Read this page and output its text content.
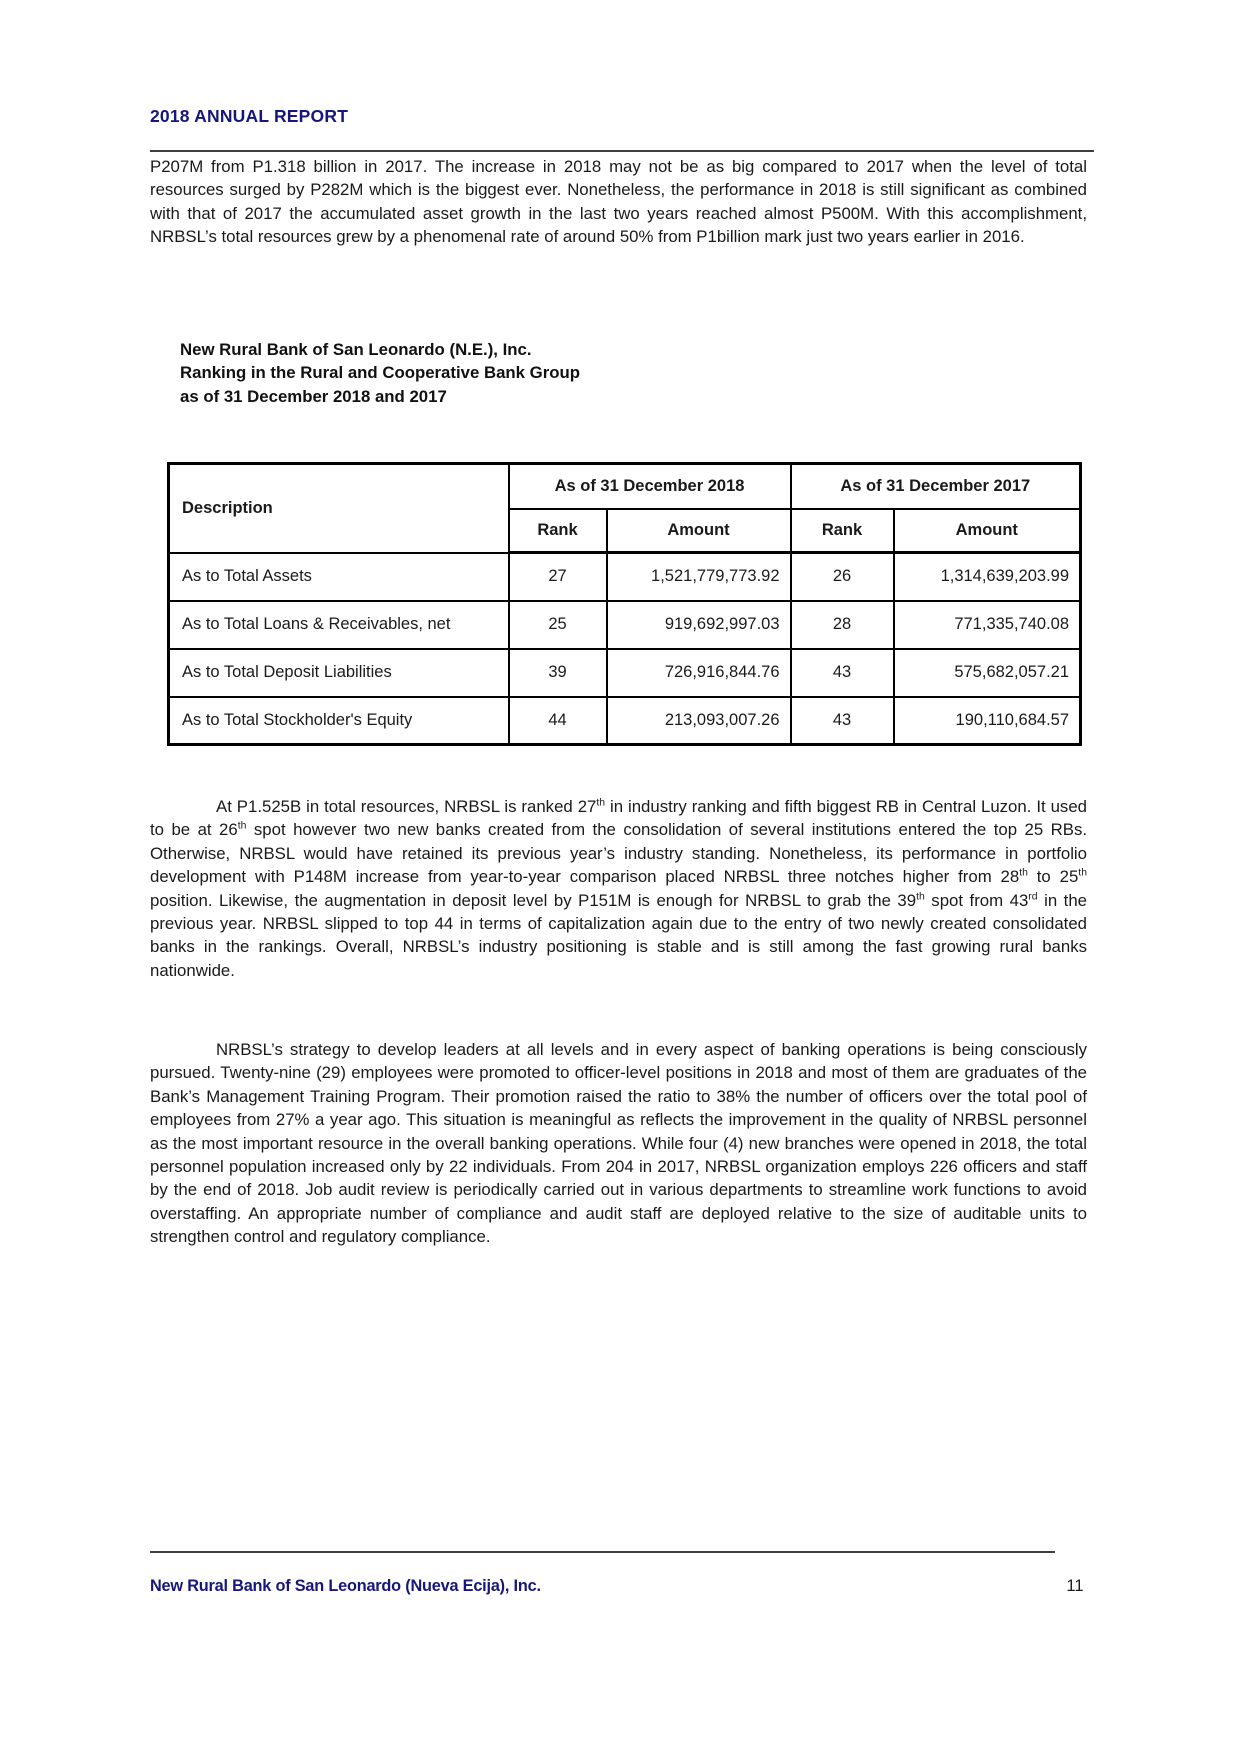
2018 ANNUAL REPORT

P207M from P1.318 billion in 2017. The increase in 2018 may not be as big compared to 2017 when the level of total resources surged by P282M which is the biggest ever. Nonetheless, the performance in 2018 is still significant as combined with that of 2017 the accumulated asset growth in the last two years reached almost P500M. With this accomplishment, NRBSL’s total resources grew by a phenomenal rate of around 50% from P1billion mark just two years earlier in 2016.

New Rural Bank of San Leonardo (N.E.), Inc.
Ranking in the Rural and Cooperative Bank Group
as of 31 December 2018 and 2017
Description	As of 31 December 2018		As of 31 December 2017	
	Rank	Amount	Rank	Amount
As to Total Assets	27	1,521,779,773.92	26	1,314,639,203.99
As to Total Loans & Receivables, net	25	919,692,997.03	28	771,335,740.08
As to Total Deposit Liabilities	39	726,916,844.76	43	575,682,057.21
As to Total Stockholder's Equity	44	213,093,007.26	43	190,110,684.57

At P1.525B in total resources, NRBSL is ranked 27th in industry ranking and fifth biggest RB in Central Luzon. It used to be at 26th spot however two new banks created from the consolidation of several institutions entered the top 25 RBs. Otherwise, NRBSL would have retained its previous year’s industry standing. Nonetheless, its performance in portfolio development with P148M increase from year-to-year comparison placed NRBSL three notches higher from 28th to 25th position. Likewise, the augmentation in deposit level by P151M is enough for NRBSL to grab the 39th spot from 43rd in the previous year. NRBSL slipped to top 44 in terms of capitalization again due to the entry of two newly created consolidated banks in the rankings. Overall, NRBSL’s industry positioning is stable and is still among the fast growing rural banks nationwide.

NRBSL’s strategy to develop leaders at all levels and in every aspect of banking operations is being consciously pursued. Twenty-nine (29) employees were promoted to officer-level positions in 2018 and most of them are graduates of the Bank’s Management Training Program. Their promotion raised the ratio to 38% the number of officers over the total pool of employees from 27% a year ago. This situation is meaningful as reflects the improvement in the quality of NRBSL personnel as the most important resource in the overall banking operations. While four (4) new branches were opened in 2018, the total personnel population increased only by 22 individuals. From 204 in 2017, NRBSL organization employs 226 officers and staff by the end of 2018. Job audit review is periodically carried out in various departments to streamline work functions to avoid overstaffing. An appropriate number of compliance and audit staff are deployed relative to the size of auditable units to strengthen control and regulatory compliance.

New Rural Bank of San Leonardo (Nueva Ecija), Inc.	11
